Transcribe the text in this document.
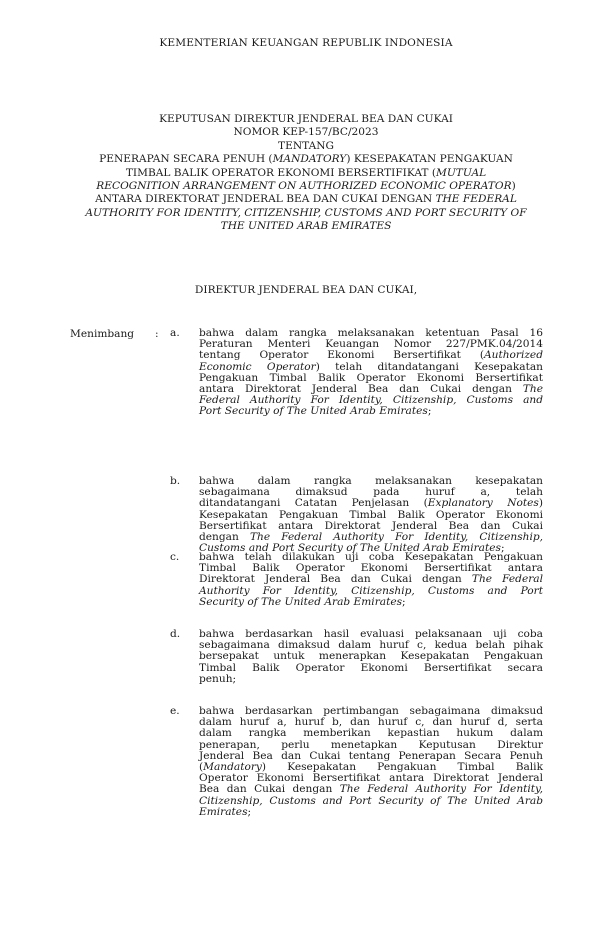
KEMENTERIAN KEUANGAN REPUBLIK INDONESIA
KEPUTUSAN DIREKTUR JENDERAL BEA DAN CUKAI
NOMOR KEP-157/BC/2023
TENTANG
PENERAPAN SECARA PENUH (MANDATORY) KESEPAKATAN PENGAKUAN
TIMBAL BALIK OPERATOR EKONOMI BERSERTIFIKAT (MUTUAL
RECOGNITION ARRANGEMENT ON AUTHORIZED ECONOMIC OPERATOR)
ANTARA DIREKTORAT JENDERAL BEA DAN CUKAI DENGAN THE FEDERAL
AUTHORITY FOR IDENTITY, CITIZENSHIP, CUSTOMS AND PORT SECURITY OF
THE UNITED ARAB EMIRATES
DIREKTUR JENDERAL BEA DAN CUKAI,
Menimbang : a. bahwa dalam rangka melaksanakan ketentuan Pasal 16
Peraturan Menteri Keuangan Nomor 227/PMK.04/2014
tentang Operator Ekonomi Bersertifikat (Authorized
Economic Operator) telah ditandatangani Kesepakatan
Pengakuan Timbal Balik Operator Ekonomi Bersertifikat
antara Direktorat Jenderal Bea dan Cukai dengan The
Federal Authority For Identity, Citizenship, Customs and
Port Security of The United Arab Emirates;
b. bahwa dalam rangka melaksanakan kesepakatan
sebagaimana dimaksud pada huruf a, telah
ditandatangani Catatan Penjelasan (Explanatory Notes)
Kesepakatan Pengakuan Timbal Balik Operator Ekonomi
Bersertifikat antara Direktorat Jenderal Bea dan Cukai
dengan The Federal Authority For Identity, Citizenship,
Customs and Port Security of The United Arab Emirates;
c. bahwa telah dilakukan uji coba Kesepakatan Pengakuan
Timbal Balik Operator Ekonomi Bersertifikat antara
Direktorat Jenderal Bea dan Cukai dengan The Federal
Authority For Identity, Citizenship, Customs and Port
Security of The United Arab Emirates;
d. bahwa berdasarkan hasil evaluasi pelaksanaan uji coba
sebagaimana dimaksud dalam huruf c, kedua belah pihak
bersepakat untuk menerapkan Kesepakatan Pengakuan
Timbal Balik Operator Ekonomi Bersertifikat secara
penuh;
e. bahwa berdasarkan pertimbangan sebagaimana dimaksud
dalam huruf a, huruf b, dan huruf c, dan huruf d, serta
dalam rangka memberikan kepastian hukum dalam
penerapan, perlu menetapkan Keputusan Direktur
Jenderal Bea dan Cukai tentang Penerapan Secara Penuh
(Mandatory) Kesepakatan Pengakuan Timbal Balik
Operator Ekonomi Bersertifikat antara Direktorat Jenderal
Bea dan Cukai dengan The Federal Authority For Identity,
Citizenship, Customs and Port Security of The United Arab
Emirates;
